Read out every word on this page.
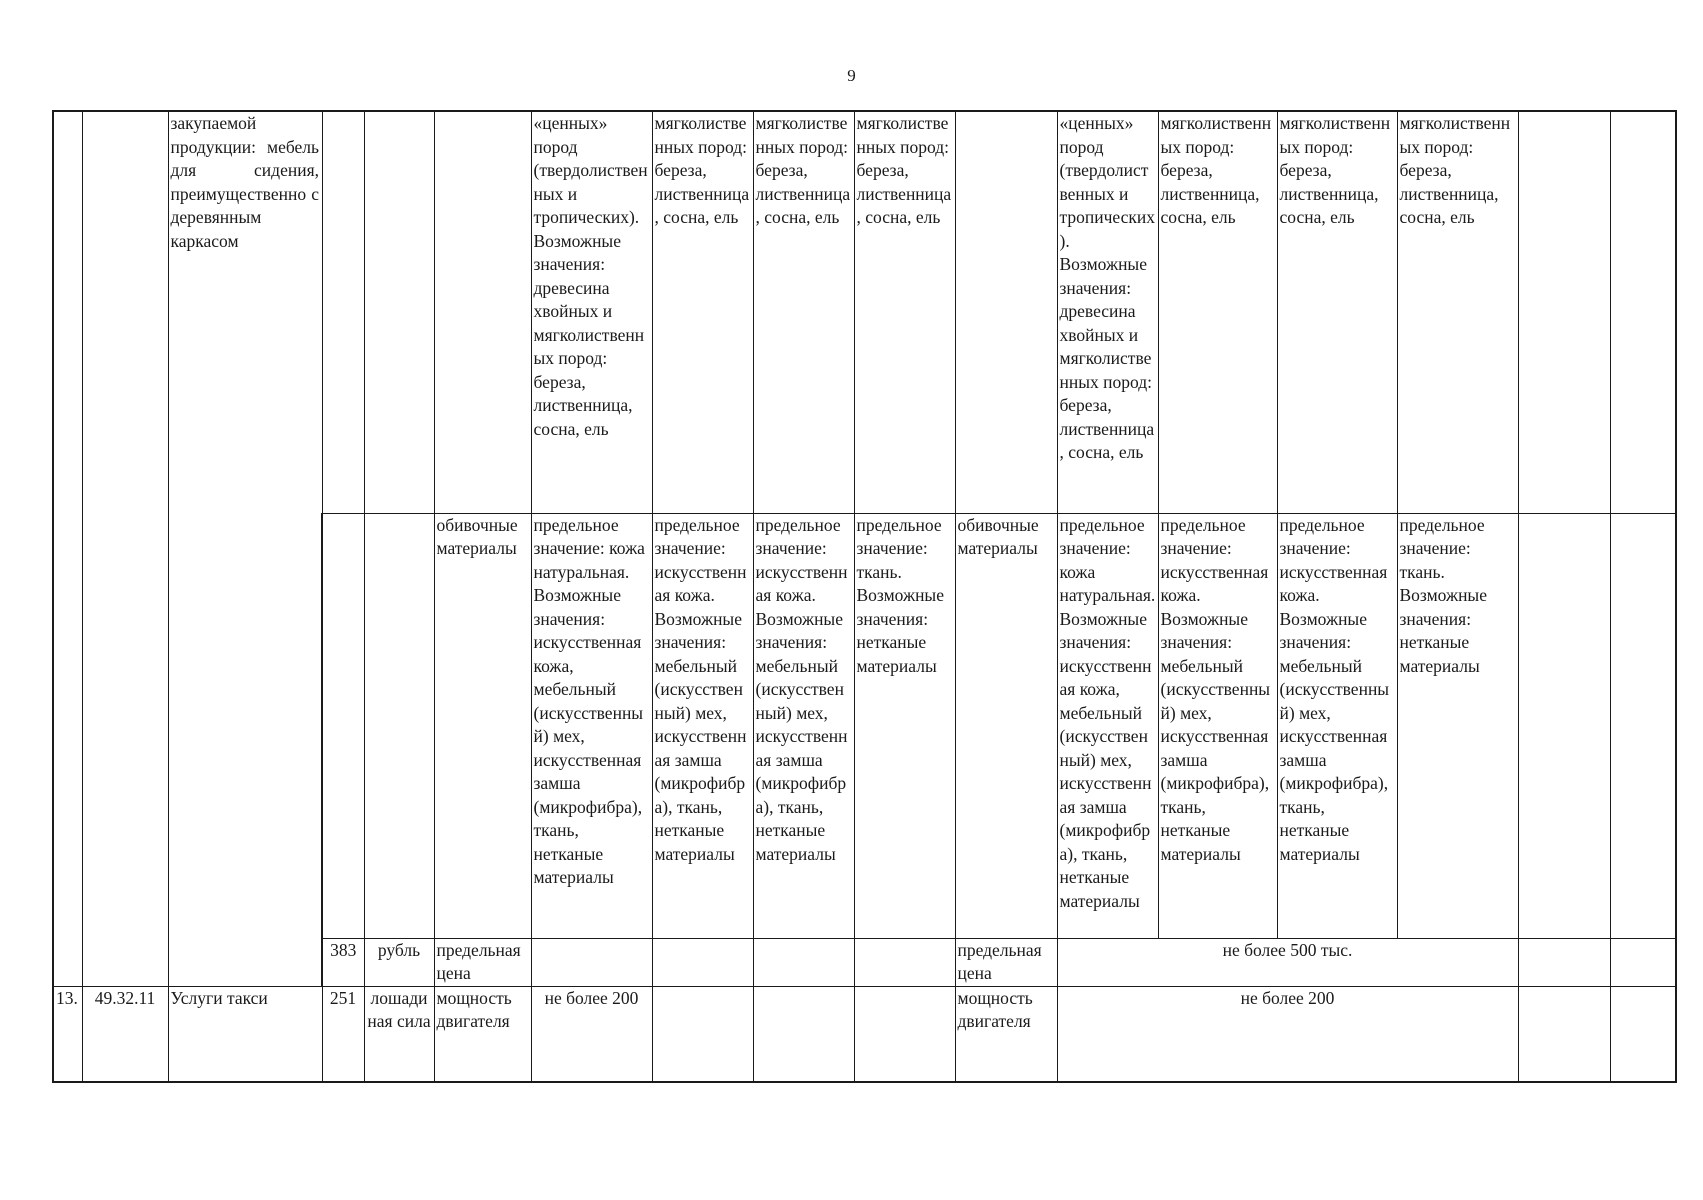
9
		закупаемой продукции: мебель для сидения, преимущественно с деревянным каркасом				«ценных» пород (твердолиственных и тропических). Возможные значения: древесина хвойных и мягколиственных пород: береза, лиственница, сосна, ель	мягколиственных пород: береза, лиственница, сосна, ель	мягколиственных пород: береза, лиственница, сосна, ель	мягколиственных пород: береза, лиственница, сосна, ель		«ценных» пород (твердолиственных и тропических). Возможные значения: древесина хвойных и мягколиственных пород: береза, лиственница, сосна, ель	мягколиственных пород: береза, лиственница, сосна, ель	мягколиственных пород: береза, лиственница, сосна, ель	мягколиственных пород: береза, лиственница, сосна, ель		
					обивочные материалы	предельное значение: кожа натуральная. Возможные значения: искусственная кожа, мебельный (искусственный) мех, искусственная замша (микрофибра), ткань, нетканые материалы	предельное значение: искусственная кожа. Возможные значения: мебельный (искусственный) мех, искусственная замша (микрофибра), ткань, нетканые материалы	предельное значение: искусственная кожа. Возможные значения: мебельный (искусственный) мех, искусственная замша (микрофибра), ткань, нетканые материалы	предельное значение: ткань. Возможные значения: нетканые материалы	обивочные материалы	предельное значение: кожа натуральная. Возможные значения: искусственная кожа, мебельный (искусственный) мех, искусственная замша (микрофибра), ткань, нетканые материалы	предельное значение: искусственная кожа. Возможные значения: мебельный (искусственный) мех, искусственная замша (микрофибра), ткань, нетканые материалы	предельное значение: искусственная кожа. Возможные значения: мебельный (искусственный) мех, искусственная замша (микрофибра), ткань, нетканые материалы	предельное значение: ткань. Возможные значения: нетканые материалы		
			383	рубль	предельная цена					предельная цена	не более 500 тыс.					
13.	49.32.11	Услуги такси	251	лошадиная сила	мощность двигателя	не более 200				мощность двигателя	не более 200					
